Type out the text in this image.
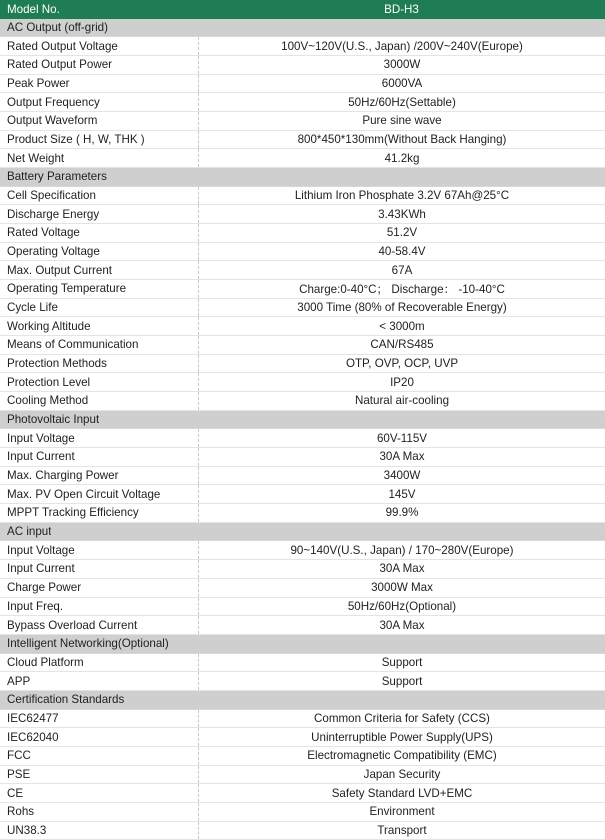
Model No.	BD-H3
AC Output (off-grid)
Rated Output Voltage	100V~120V(U.S., Japan) /200V~240V(Europe)
Rated Output Power	3000W
Peak Power	6000VA
Output Frequency	50Hz/60Hz(Settable)
Output Waveform	Pure sine wave
Product Size ( H, W, THK )	800*450*130mm(Without Back Hanging)
Net Weight	41.2kg
Battery Parameters
Cell Specification	Lithium Iron Phosphate 3.2V 67Ah@25°C
Discharge Energy	3.43KWh
Rated Voltage	51.2V
Operating Voltage	40-58.4V
Max. Output Current	67A
Operating Temperature	Charge:0-40°C； Discharge： -10-40°C
Cycle Life	3000 Time (80% of Recoverable Energy)
Working Altitude	< 3000m
Means of Communication	CAN/RS485
Protection Methods	OTP, OVP, OCP, UVP
Protection Level	IP20
Cooling Method	Natural air-cooling
Photovoltaic Input
Input Voltage	60V-115V
Input Current	30A Max
Max. Charging Power	3400W
Max. PV Open Circuit Voltage	145V
MPPT Tracking Efficiency	99.9%
AC input
Input Voltage	90~140V(U.S., Japan) / 170~280V(Europe)
Input Current	30A Max
Charge Power	3000W Max
Input Freq.	50Hz/60Hz(Optional)
Bypass Overload Current	30A Max
Intelligent Networking(Optional)
Cloud Platform	Support
APP	Support
Certification Standards
IEC62477	Common Criteria for Safety (CCS)
IEC62040	Uninterruptible Power Supply(UPS)
FCC	Electromagnetic Compatibility (EMC)
PSE	Japan Security
CE	Safety Standard LVD+EMC
Rohs	Environment
UN38.3	Transport
